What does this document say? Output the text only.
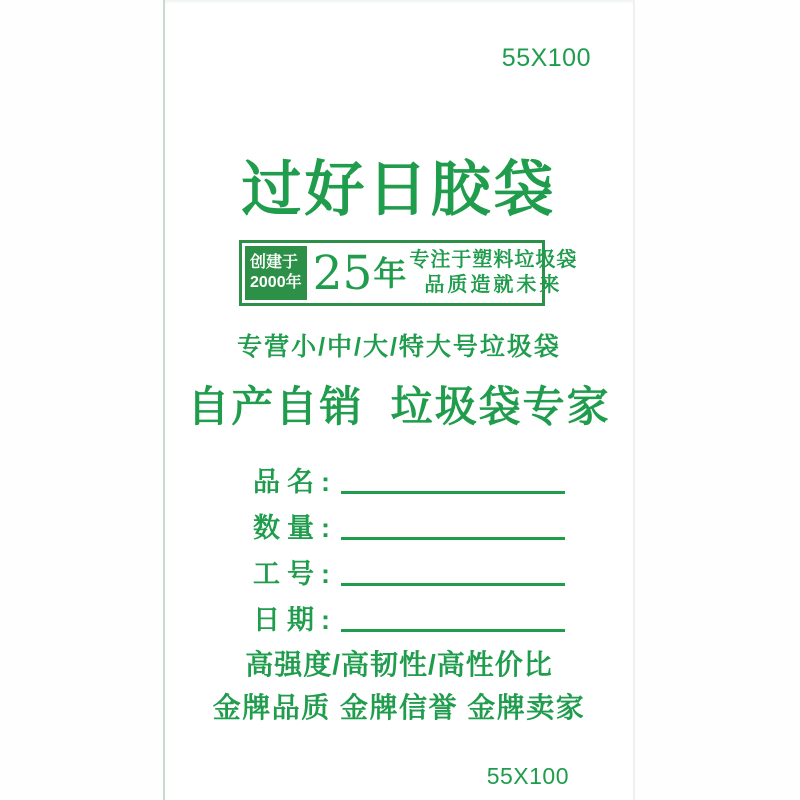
55X100
过好日胶袋
创建于
2000年 25 年 专注于塑料垃圾袋
品质造就未来
专营小/中/大/特大号垃圾袋
自产自销  垃圾袋专家
品名:
数量:
工号:
日期:
高强度/高韧性/高性价比
金牌品质 金牌信誉 金牌卖家
55X100
